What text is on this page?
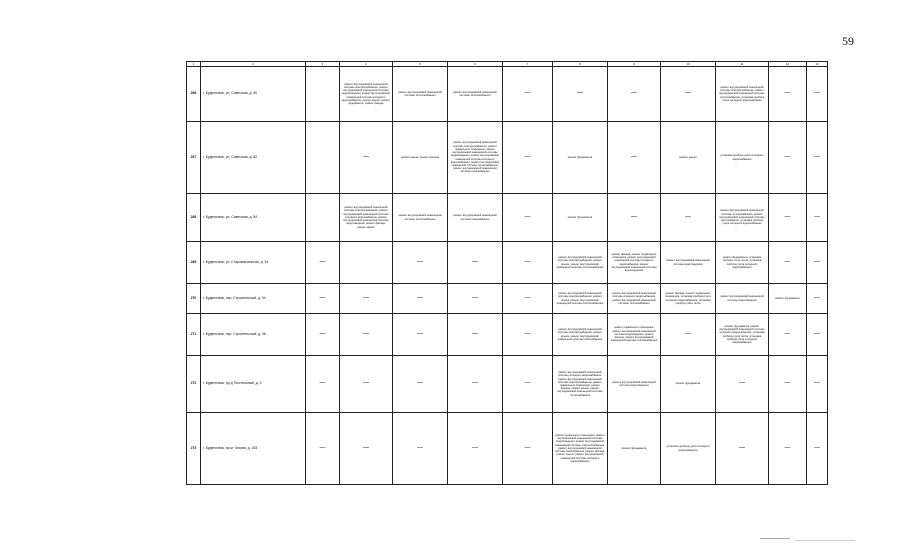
59
1	2	3	4	5	6	7	8	9	10	11	12	13
266	г. Буденновск, ул. Советская, д. 80		ремонт внутридомовой инженерной системы электроснабжения, ремонт внутридомовой инженерной системы водоотведения, ремонт внутридомовой инженерной системы холодного водоснабжения, ремонт крыши, ремонт фундамента, ремонт фасада	ремонт внутридомовой инженерной системы теплоснабжения	ремонт внутридомовой инженерной системы теплоснабжения	—	—	—	—	ремонт внутридомовой инженерной системы электроснабжения, ремонт внутридомовой инженерной системы теплоснабжения, установка прибора учета холодного водоснабжения	—	—
267	г. Буденновск, ул. Советская, д. 82		—	ремонт крыши, ремонт фасада	ремонт внутридомовой инженерной системы электроснабжения, ремонт подвального помещения, ремонт внутридомовой инженерной системы водоотведения, ремонт внутридомовой инженерной системы холодного водоснабжения, ремонт внутридомовой инженерной системы теплоснабжения, ремонт внутридомовой инженерной системы газоснабжения	—	ремонт фундамента	—	ремонт крыши	установка прибора учета холодного водоснабжения	—	—
268	г. Буденновск, ул. Советская, д. 84		ремонт внутридомовой инженерной системы электроснабжения, ремонт внутридомовой инженерной системы холодного водоснабжения, ремонт внутридомовой инженерной системы водоотведения, ремонт фасада, ремонт крыши	ремонт внутридомовой инженерной системы теплоснабжения	ремонт внутридомовой инженерной системы газоснабжения	—	ремонт фундамента	—	—	ремонт внутридомовой инженерной системы теплоснабжения, ремонт внутридомовой инженерной системы газоснабжения, установка прибора учета холодного водоснабжения	—	—
269	г. Буденновск, ул. Старовокзальная, д. 94	—		—	—	—	ремонт внутридомовой инженерной системы электроснабжения, ремонт крыши, ремонт внутридомовой инженерной системы теплоснабжения	ремонт фасада, ремонт подвального помещения, ремонт внутридомовой инженерной системы холодного водоснабжения, ремонт внутридомовой инженерной системы водоотведения	ремонт внутридомовой инженерной системы водоотведения	ремонт фундамента, установка прибора учета тепла, установка прибора учета холодного водоснабжения	—	—
270	г. Буденновск, пер. Строительный, д. 34	—	—	—	—	—	ремонт внутридомовой инженерной системы электроснабжения, ремонт крыши, ремонт внутридомовой инженерной системы теплоснабжения	ремонт внутридомовой инженерной системы холодного водоснабжения, ремонт внутридомовой инженерной системы теплоснабжения	ремонт фасада, ремонт подвального помещения, установка прибора учета холодного водоснабжения, установка прибора учета тепла	ремонт внутридомовой инженерной системы водоотведения	ремонт фундамента	—
271	г. Буденновск, пер. Строительный, д. 36	—	—	—	—	—	ремонт внутридомовой инженерной системы электроснабжения, ремонт крыши, ремонт внутридомовой инженерной системы газоснабжения	ремонт подвального помещения, ремонт внутридомовой инженерной системы водоотведения, ремонт фасада, ремонт внутридомовой инженерной системы теплоснабжения	—	ремонт фундамента, ремонт внутридомовой инженерной системы холодного водоснабжения, установка прибора учета тепла, установка прибора учета холодного водоснабжения	—	—
272	г. Буденновск, пр-д Текстильный, д. 3	—	—	—	—	—	ремонт внутридомовой инженерной системы холодного водоснабжения, ремонт внутридомовой инженерной системы электроснабжения, ремонт подвального помещения, ремонт фасада, ремонт крыши, ремонт внутридомовой инженерной системы теплоснабжения	ремонт внутридомовой инженерной системы водоотведения	ремонт фундамента	—	—	—
273	г. Буденновск, пр-кт Чехова, д. 163	—	—	—	—	—	ремонт подвального помещения, ремонт внутридомовой инженерной системы водоотведения, ремонт внутридомовой инженерной системы электроснабжения, ремонт внутридомовой инженерной системы газоснабжения, ремонт фасада, ремонт крыши, ремонт внутридомовой инженерной системы холодного водоснабжения	ремонт фундамента	установка прибора учета холодного водоснабжения	—	—	—
